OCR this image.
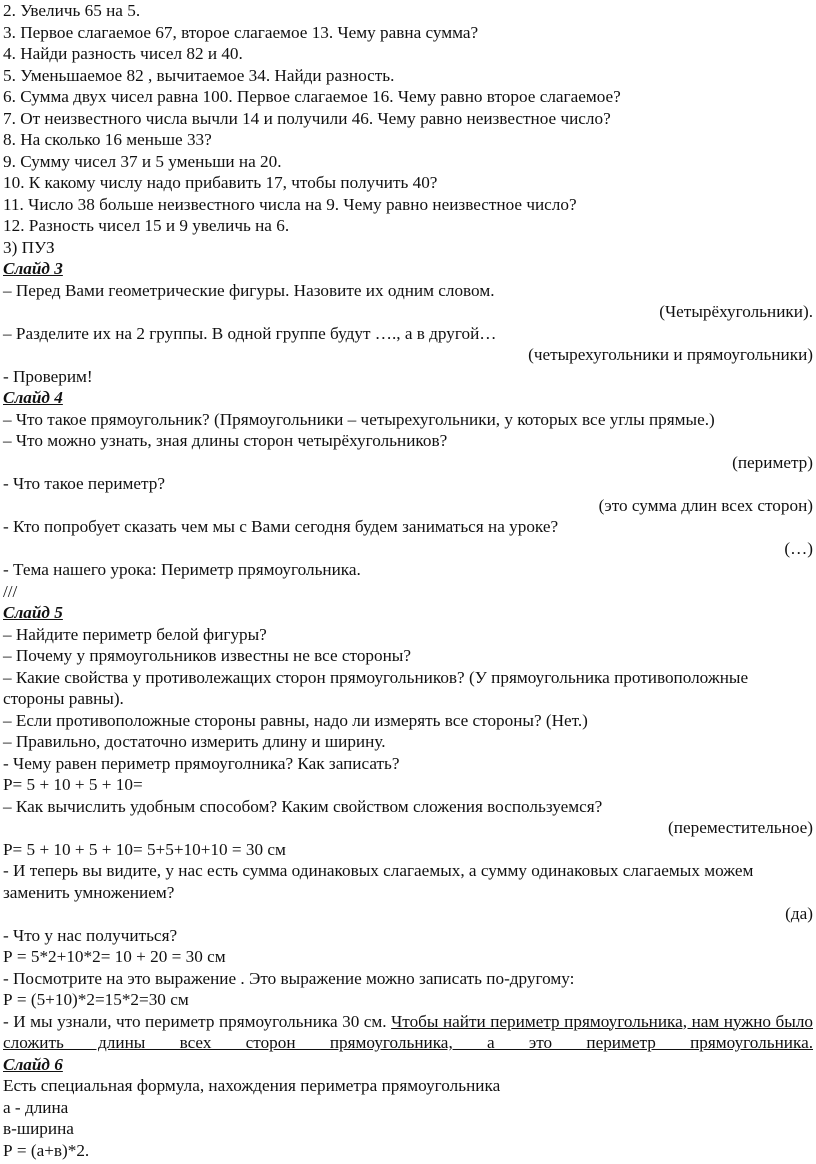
2. Увеличь 65 на 5.
3. Первое слагаемое 67, второе слагаемое 13. Чему равна сумма?
4. Найди разность чисел 82 и 40.
5. Уменьшаемое 82 , вычитаемое 34. Найди разность.
6. Сумма двух чисел равна 100. Первое слагаемое 16. Чему равно второе слагаемое?
7. От неизвестного числа вычли 14 и получили 46. Чему равно неизвестное число?
8. На сколько 16 меньше 33?
9. Сумму чисел 37 и 5 уменьши на 20.
10. К какому числу надо прибавить 17, чтобы получить 40?
11. Число 38 больше неизвестного числа на 9. Чему равно неизвестное число?
12. Разность чисел 15 и 9 увеличь на 6.
3) ПУЗ
Слайд 3
– Перед Вами геометрические фигуры. Назовите их одним словом.
(Четырёхугольники).
– Разделите их на 2 группы. В одной группе будут …., а в другой…
(четырехугольники и прямоугольники)
- Проверим!
Слайд 4
– Что такое прямоугольник? (Прямоугольники – четырехугольники, у которых все углы прямые.)
– Что можно узнать, зная длины сторон четырёхугольников?
(периметр)
- Что такое периметр?
(это сумма длин всех сторон)
- Кто попробует сказать чем мы с Вами сегодня будем заниматься на уроке?
(…)
- Тема нашего урока: Периметр прямоугольника.
///
Слайд 5
– Найдите периметр белой фигуры?
– Почему у прямоугольников известны не все стороны?
– Какие свойства у противолежащих сторон прямоугольников? (У прямоугольника противоположные стороны равны).
– Если противоположные стороны равны, надо ли измерять все стороны? (Нет.)
– Правильно, достаточно измерить длину и ширину.
- Чему равен периметр прямоуголника? Как записать?
Р= 5 + 10 + 5 + 10=
– Как вычислить удобным способом? Каким свойством сложения воспользуемся?
(переместительное)
Р= 5 + 10 + 5 + 10= 5+5+10+10 = 30 см
- И теперь вы видите, у нас есть сумма одинаковых слагаемых, а сумму одинаковых слагаемых можем заменить умножением?
(да)
- Что у нас получиться?
Р = 5*2+10*2= 10 + 20 = 30 см
- Посмотрите на это выражение . Это выражение можно записать по-другому:
Р = (5+10)*2=15*2=30 см
- И мы узнали, что периметр прямоугольника 30 см. Чтобы найти периметр прямоугольника, нам нужно было сложить длины всех сторон прямоугольника, а это периметр прямоугольника.
Слайд 6
Есть специальная формула, нахождения периметра прямоугольника
а - длина
в-ширина
Р = (а+в)*2.
